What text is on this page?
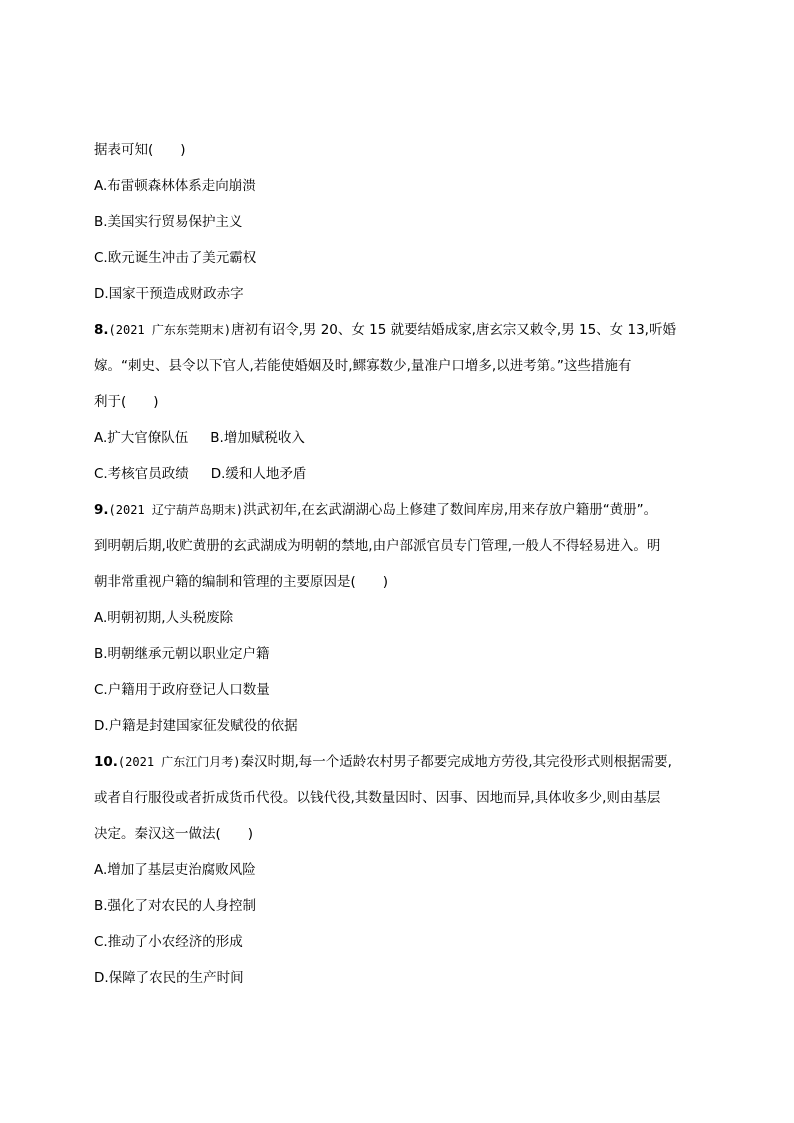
据表可知(　　)
A.布雷顿森林体系走向崩溃
B.美国实行贸易保护主义
C.欧元诞生冲击了美元霸权
D.国家干预造成财政赤字
8.(2021 广东东莞期末)唐初有诏令,男 20、女 15 就要结婚成家,唐玄宗又敕令,男 15、女 13,听婚
嫁。“刺史、县令以下官人,若能使婚姻及时,鳏寡数少,量准户口增多,以进考第。”这些措施有
利于(　　)
A.扩大官僚队伍 B.增加赋税收入
C.考核官员政绩 D.缓和人地矛盾
9.(2021 辽宁葫芦岛期末)洪武初年,在玄武湖湖心岛上修建了数间库房,用来存放户籍册“黄册”。
到明朝后期,收贮黄册的玄武湖成为明朝的禁地,由户部派官员专门管理,一般人不得轻易进入。明
朝非常重视户籍的编制和管理的主要原因是(　　)
A.明朝初期,人头税废除
B.明朝继承元朝以职业定户籍
C.户籍用于政府登记人口数量
D.户籍是封建国家征发赋役的依据
10.(2021 广东江门月考)秦汉时期,每一个适龄农村男子都要完成地方劳役,其完役形式则根据需要,
或者自行服役或者折成货币代役。以钱代役,其数量因时、因事、因地而异,具体收多少,则由基层
决定。秦汉这一做法(　　)
A.增加了基层吏治腐败风险
B.强化了对农民的人身控制
C.推动了小农经济的形成
D.保障了农民的生产时间
